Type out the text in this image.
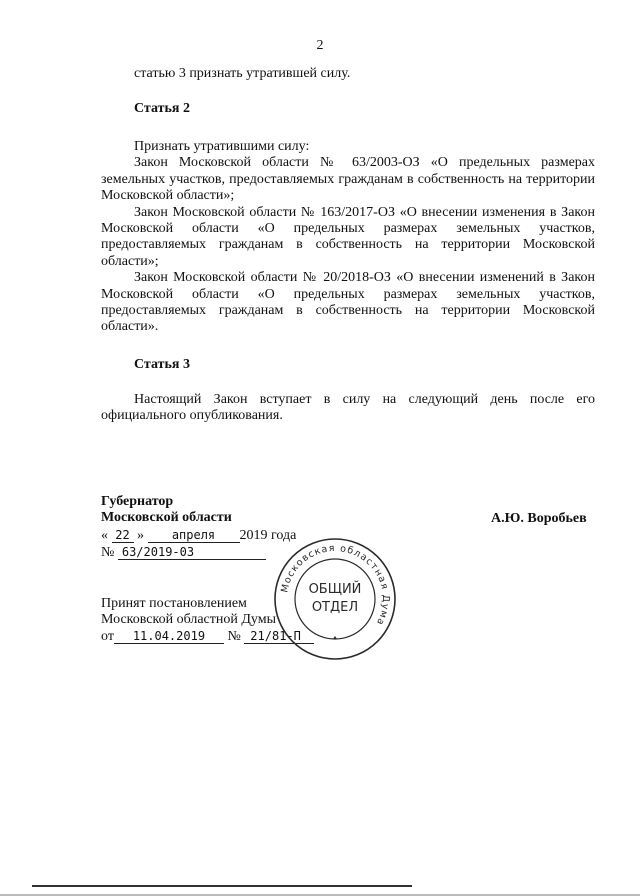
2

статью 3 признать утратившей силу.

Статья 2

Признать утратившими силу:

Закон Московской области № 63/2003-ОЗ «О предельных размерах земельных участков, предоставляемых гражданам в собственность на территории Московской области»;

Закон Московской области № 163/2017-ОЗ «О внесении изменения в Закон Московской области «О предельных размерах земельных участков, предоставляемых гражданам в собственность на территории Московской области»;

Закон Московской области № 20/2018-ОЗ «О внесении изменений в Закон Московской области «О предельных размерах земельных участков, предоставляемых гражданам в собственность на территории Московской области».

Статья 3

Настоящий Закон вступает в силу на следующий день после его официального опубликования.

Губернатор
Московской области	А.Ю. Воробьев
« 22 » апреля 2019 года
№ 63/2019-03
Принят постановлением
Московской областной Думы
от 11.04.2019 № 21/81-П
Московская областная Дума
ОБЩИЙ
ОТДЕЛ
